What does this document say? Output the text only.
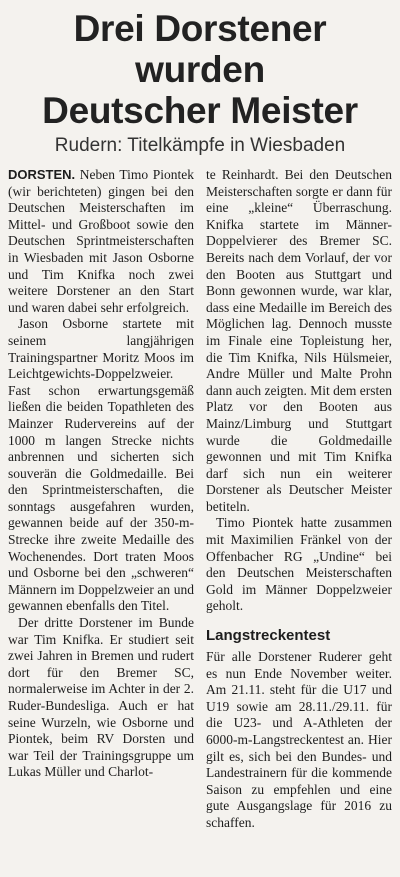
Drei Dorstener
wurden
Deutscher Meister
Rudern: Titelkämpfe in Wiesbaden

DORSTEN. Neben Timo Piontek (wir berichteten) gingen bei den Deutschen Meisterschaften im Mittel- und Großboot sowie den Deutschen Sprintmeisterschaften in Wiesbaden mit Jason Osborne und Tim Knifka noch zwei weitere Dorstener an den Start und waren dabei sehr erfolgreich.

Jason Osborne startete mit seinem langjährigen Trainingspartner Moritz Moos im Leichtgewichts-Doppelzweier. Fast schon erwartungsgemäß ließen die beiden Topathleten des Mainzer Rudervereins auf der 1000 m langen Strecke nichts anbrennen und sicherten sich souverän die Goldmedaille. Bei den Sprintmeisterschaften, die sonntags ausgefahren wurden, gewannen beide auf der 350-m-Strecke ihre zweite Medaille des Wochenendes. Dort traten Moos und Osborne bei den „schweren“ Männern im Doppelzweier an und gewannen ebenfalls den Titel.

Der dritte Dorstener im Bunde war Tim Knifka. Er studiert seit zwei Jahren in Bremen und rudert dort für den Bremer SC, normalerweise im Achter in der 2. Ruder-Bundesliga. Auch er hat seine Wurzeln, wie Osborne und Piontek, beim RV Dorsten und war Teil der Trainingsgruppe um Lukas Müller und Charlot-

te Reinhardt. Bei den Deutschen Meisterschaften sorgte er dann für eine „kleine“ Überraschung. Knifka startete im Männer-Doppelvierer des Bremer SC. Bereits nach dem Vorlauf, der vor den Booten aus Stuttgart und Bonn gewonnen wurde, war klar, dass eine Medaille im Bereich des Möglichen lag. Dennoch musste im Finale eine Topleistung her, die Tim Knifka, Nils Hülsmeier, Andre Müller und Malte Prohn dann auch zeigten. Mit dem ersten Platz vor den Booten aus Mainz/Limburg und Stuttgart wurde die Goldmedaille gewonnen und mit Tim Knifka darf sich nun ein weiterer Dorstener als Deutscher Meister betiteln.

Timo Piontek hatte zusammen mit Maximilien Fränkel von der Offenbacher RG „Undine“ bei den Deutschen Meisterschaften Gold im Männer Doppelzweier geholt.

Langstreckentest

Für alle Dorstener Ruderer geht es nun Ende November weiter. Am 21.11. steht für die U17 und U19 sowie am 28.11./29.11. für die U23- und A-Athleten der 6000-m-Langstreckentest an. Hier gilt es, sich bei den Bundes- und Landestrainern für die kommende Saison zu empfehlen und eine gute Ausgangslage für 2016 zu schaffen.
